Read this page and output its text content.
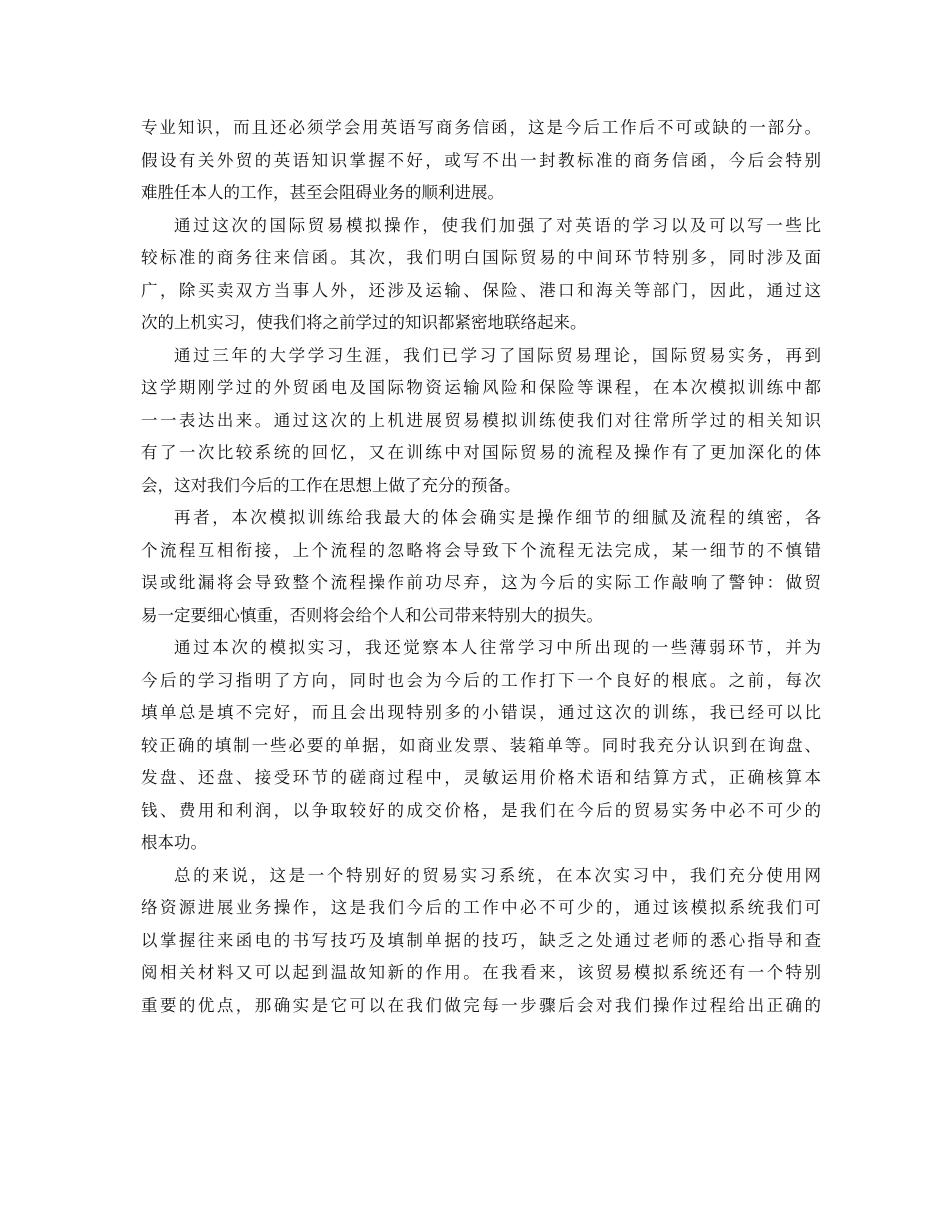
专业知识，而且还必须学会用英语写商务信函，这是今后工作后不可或缺的一部分。
假设有关外贸的英语知识掌握不好，或写不出一封教标准的商务信函，今后会特别
难胜任本人的工作，甚至会阻碍业务的顺利进展。
通过这次的国际贸易模拟操作，使我们加强了对英语的学习以及可以写一些比
较标准的商务往来信函。其次，我们明白国际贸易的中间环节特别多，同时涉及面
广，除买卖双方当事人外，还涉及运输、保险、港口和海关等部门，因此，通过这
次的上机实习，使我们将之前学过的知识都紧密地联络起来。
通过三年的大学学习生涯，我们已学习了国际贸易理论，国际贸易实务，再到
这学期刚学过的外贸函电及国际物资运输风险和保险等课程，在本次模拟训练中都
一一表达出来。通过这次的上机进展贸易模拟训练使我们对往常所学过的相关知识
有了一次比较系统的回忆，又在训练中对国际贸易的流程及操作有了更加深化的体
会，这对我们今后的工作在思想上做了充分的预备。
再者，本次模拟训练给我最大的体会确实是操作细节的细腻及流程的缜密，各
个流程互相衔接，上个流程的忽略将会导致下个流程无法完成，某一细节的不慎错
误或纰漏将会导致整个流程操作前功尽弃，这为今后的实际工作敲响了警钟：做贸
易一定要细心慎重，否则将会给个人和公司带来特别大的损失。
通过本次的模拟实习，我还觉察本人往常学习中所出现的一些薄弱环节，并为
今后的学习指明了方向，同时也会为今后的工作打下一个良好的根底。之前，每次
填单总是填不完好，而且会出现特别多的小错误，通过这次的训练，我已经可以比
较正确的填制一些必要的单据，如商业发票、装箱单等。同时我充分认识到在询盘、
发盘、还盘、接受环节的磋商过程中，灵敏运用价格术语和结算方式，正确核算本
钱、费用和利润，以争取较好的成交价格，是我们在今后的贸易实务中必不可少的
根本功。
总的来说，这是一个特别好的贸易实习系统，在本次实习中，我们充分使用网
络资源进展业务操作，这是我们今后的工作中必不可少的，通过该模拟系统我们可
以掌握往来函电的书写技巧及填制单据的技巧，缺乏之处通过老师的悉心指导和查
阅相关材料又可以起到温故知新的作用。在我看来，该贸易模拟系统还有一个特别
重要的优点，那确实是它可以在我们做完每一步骤后会对我们操作过程给出正确的
